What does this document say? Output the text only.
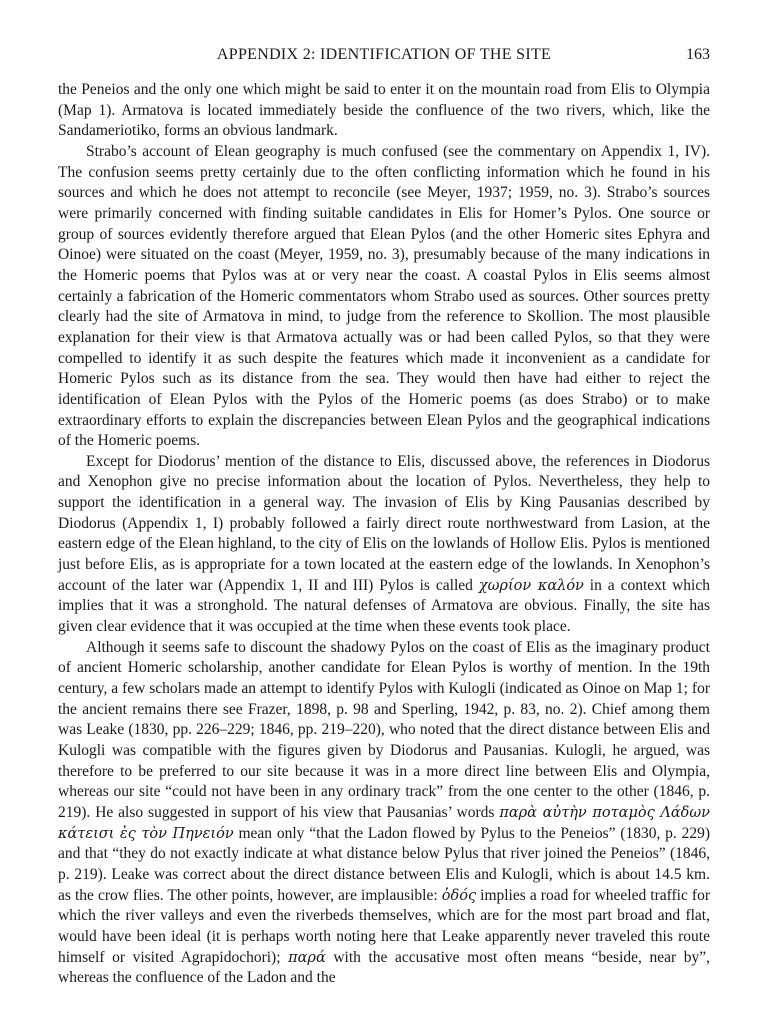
APPENDIX 2: IDENTIFICATION OF THE SITE	163

the Peneios and the only one which might be said to enter it on the mountain road from Elis to Olympia (Map 1). Armatova is located immediately beside the confluence of the two rivers, which, like the Sandameriotiko, forms an obvious landmark.

Strabo’s account of Elean geography is much confused (see the commentary on Appendix 1, IV). The confusion seems pretty certainly due to the often conflicting information which he found in his sources and which he does not attempt to reconcile (see Meyer, 1937; 1959, no. 3). Strabo’s sources were primarily concerned with finding suitable candidates in Elis for Homer’s Pylos. One source or group of sources evidently therefore argued that Elean Pylos (and the other Homeric sites Ephyra and Oinoe) were situated on the coast (Meyer, 1959, no. 3), presumably because of the many indications in the Homeric poems that Pylos was at or very near the coast. A coastal Pylos in Elis seems almost certainly a fabrication of the Homeric commentators whom Strabo used as sources. Other sources pretty clearly had the site of Armatova in mind, to judge from the reference to Skollion. The most plausible explanation for their view is that Armatova actually was or had been called Pylos, so that they were compelled to identify it as such despite the features which made it inconvenient as a candidate for Homeric Pylos such as its distance from the sea. They would then have had either to reject the identification of Elean Pylos with the Pylos of the Homeric poems (as does Strabo) or to make extraordinary efforts to explain the discrepancies between Elean Pylos and the geographical indications of the Homeric poems.

Except for Diodorus’ mention of the distance to Elis, discussed above, the references in Diodorus and Xenophon give no precise information about the location of Pylos. Nevertheless, they help to support the identification in a general way. The invasion of Elis by King Pausanias described by Diodorus (Appendix 1, I) probably followed a fairly direct route northwestward from Lasion, at the eastern edge of the Elean highland, to the city of Elis on the lowlands of Hollow Elis. Pylos is mentioned just before Elis, as is appropriate for a town located at the eastern edge of the lowlands. In Xenophon’s account of the later war (Appendix 1, II and III) Pylos is called χωρίον καλόν in a context which implies that it was a stronghold. The natural defenses of Armatova are obvious. Finally, the site has given clear evidence that it was occupied at the time when these events took place.

Although it seems safe to discount the shadowy Pylos on the coast of Elis as the imaginary product of ancient Homeric scholarship, another candidate for Elean Pylos is worthy of mention. In the 19th century, a few scholars made an attempt to identify Pylos with Kulogli (indicated as Oinoe on Map 1; for the ancient remains there see Frazer, 1898, p. 98 and Sperling, 1942, p. 83, no. 2). Chief among them was Leake (1830, pp. 226–229; 1846, pp. 219–220), who noted that the direct distance between Elis and Kulogli was compatible with the figures given by Diodorus and Pausanias. Kulogli, he argued, was therefore to be preferred to our site because it was in a more direct line between Elis and Olympia, whereas our site “could not have been in any ordinary track” from the one center to the other (1846, p. 219). He also suggested in support of his view that Pausanias’ words παρὰ αὐτὴν ποταμὸς Λάδων κάτεισι ἐς τὸν Πηνειόν mean only “that the Ladon flowed by Pylus to the Peneios” (1830, p. 229) and that “they do not exactly indicate at what distance below Pylus that river joined the Peneios” (1846, p. 219). Leake was correct about the direct distance between Elis and Kulogli, which is about 14.5 km. as the crow flies. The other points, however, are implausible: ὁδός implies a road for wheeled traffic for which the river valleys and even the riverbeds themselves, which are for the most part broad and flat, would have been ideal (it is perhaps worth noting here that Leake apparently never traveled this route himself or visited Agrapidochori); παρά with the accusative most often means “beside, near by”, whereas the confluence of the Ladon and the
